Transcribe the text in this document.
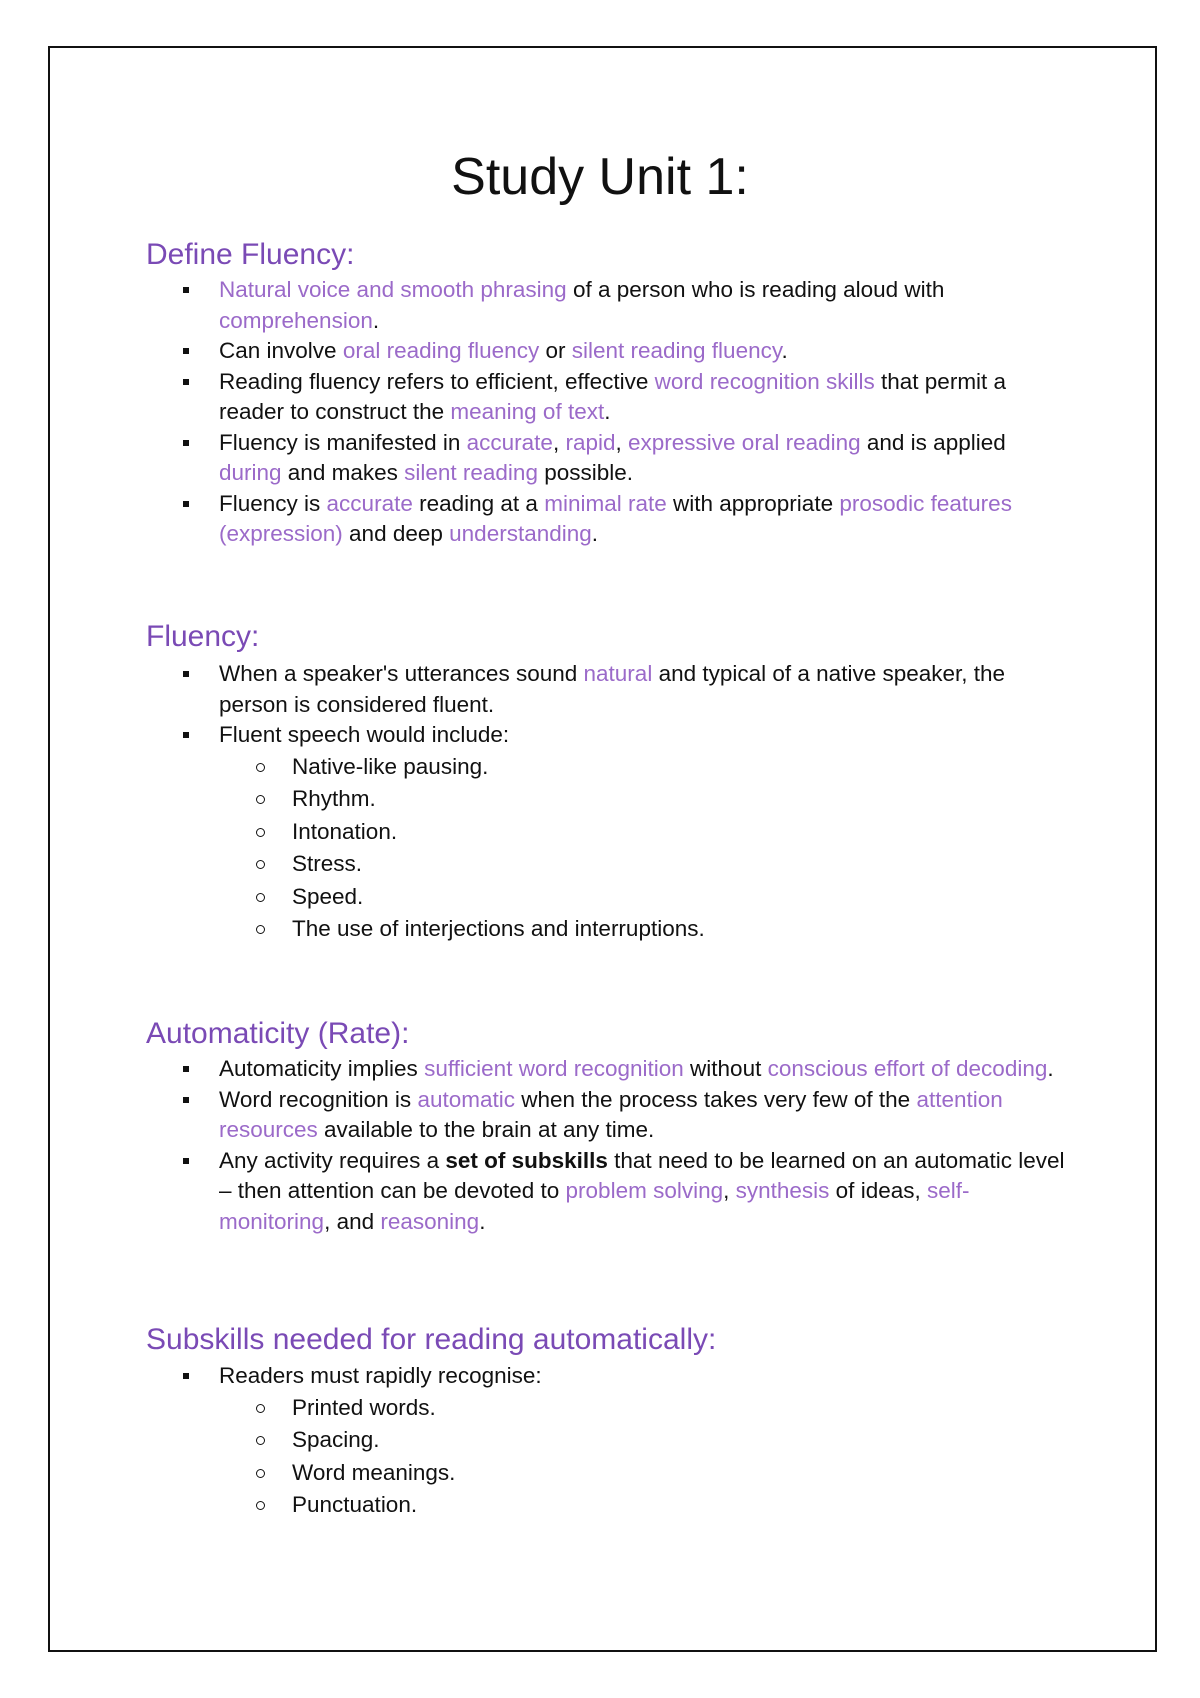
Study Unit 1:
Define Fluency:
Natural voice and smooth phrasing of a person who is reading aloud with comprehension.
Can involve oral reading fluency or silent reading fluency.
Reading fluency refers to efficient, effective word recognition skills that permit a reader to construct the meaning of text.
Fluency is manifested in accurate, rapid, expressive oral reading and is applied during and makes silent reading possible.
Fluency is accurate reading at a minimal rate with appropriate prosodic features (expression) and deep understanding.
Fluency:
When a speaker's utterances sound natural and typical of a native speaker, the person is considered fluent.
Fluent speech would include:
Native-like pausing.
Rhythm.
Intonation.
Stress.
Speed.
The use of interjections and interruptions.
Automaticity (Rate):
Automaticity implies sufficient word recognition without conscious effort of decoding.
Word recognition is automatic when the process takes very few of the attention resources available to the brain at any time.
Any activity requires a set of subskills that need to be learned on an automatic level – then attention can be devoted to problem solving, synthesis of ideas, self-monitoring, and reasoning.
Subskills needed for reading automatically:
Readers must rapidly recognise:
Printed words.
Spacing.
Word meanings.
Punctuation.
